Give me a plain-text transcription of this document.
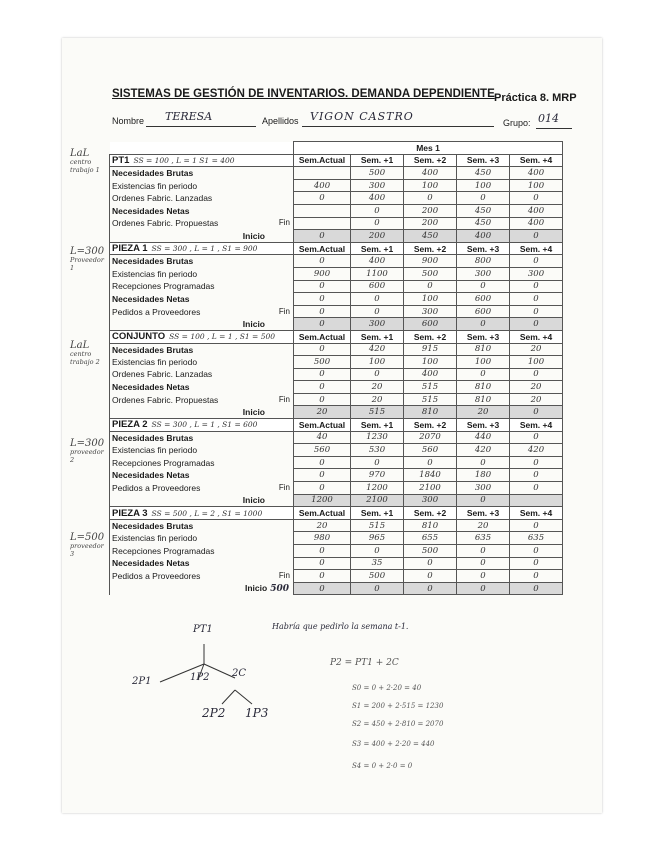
SISTEMAS DE GESTIÓN DE INVENTARIOS. DEMANDA DEPENDIENTE Práctica 8. MRP
Nombre TERESA	Apellidos VIGON CASTRO	Grupo: 014
	Mes 1				
PT1 SS = 100 , L = 1 S1 = 400	Sem.Actual	Sem. +1	Sem. +2	Sem. +3	Sem. +4
Necesidades Brutas		500	400	450	400
Existencias fin periodo	400	300	100	100	100
Ordenes Fabric. Lanzadas	0	400	0	0	0
Necesidades Netas		0	200	450	400
Ordenes Fabric. Propuestas Fin		0	200	450	400
Inicio	0	200	450	400	0
PIEZA 1 SS = 300 , L = 1 , S1 = 900	Sem.Actual	Sem. +1	Sem. +2	Sem. +3	Sem. +4
Necesidades Brutas	0	400	900	800	0
Existencias fin periodo	900	1100	500	300	300
Recepciones Programadas	0	600	0	0	0
Necesidades Netas	0	0	100	600	0
Pedidos a Proveedores Fin	0	0	300	600	0
Inicio	0	300	600	0	0
CONJUNTO SS = 100 , L = 1 , S1 = 500	Sem.Actual	Sem. +1	Sem. +2	Sem. +3	Sem. +4
Necesidades Brutas	0	420	915	810	20
Existencias fin periodo	500	100	100	100	100
Ordenes Fabric. Lanzadas	0	0	400	0	0
Necesidades Netas	0	20	515	810	20
Ordenes Fabric. Propuestas Fin	0	20	515	810	20
Inicio	20	515	810	20	0
PIEZA 2 SS = 300 , L = 1 , S1 = 600	Sem.Actual	Sem. +1	Sem. +2	Sem. +3	Sem. +4
Necesidades Brutas	40	1230	2070	440	0
Existencias fin periodo	560	530	560	420	420
Recepciones Programadas	0	0	0	0	0
Necesidades Netas	0	970	1840	180	0
Pedidos a Proveedores Fin	0	1200	2100	300	0
Inicio	1200	2100	300	0	
PIEZA 3 SS = 500 , L = 2 , S1 = 1000	Sem.Actual	Sem. +1	Sem. +2	Sem. +3	Sem. +4
Necesidades Brutas	20	515	810	20	0
Existencias fin periodo	980	965	655	635	635
Recepciones Programadas	0	0	500	0	0
Necesidades Netas	0	35	0	0	0
Pedidos a Proveedores Fin	0	500	0	0	0
Inicio 500	0	0	0	0	0
LaL
centro trabajo 1
L=300
Proveedor 1
LaL
centro trabajo 2
L=300
proveedor 2
L=500
proveedor 3
Habría que pedirlo la semana t-1.
PT1
2P1	1P2 2C
2P2 1P3
P2 = PT1 + 2C
S0 = 0 + 2·20 = 40
S1 = 200 + 2·515 = 1230
S2 = 450 + 2·810 = 2070
S3 = 400 + 2·20 = 440
S4 = 0 + 2·0 = 0
